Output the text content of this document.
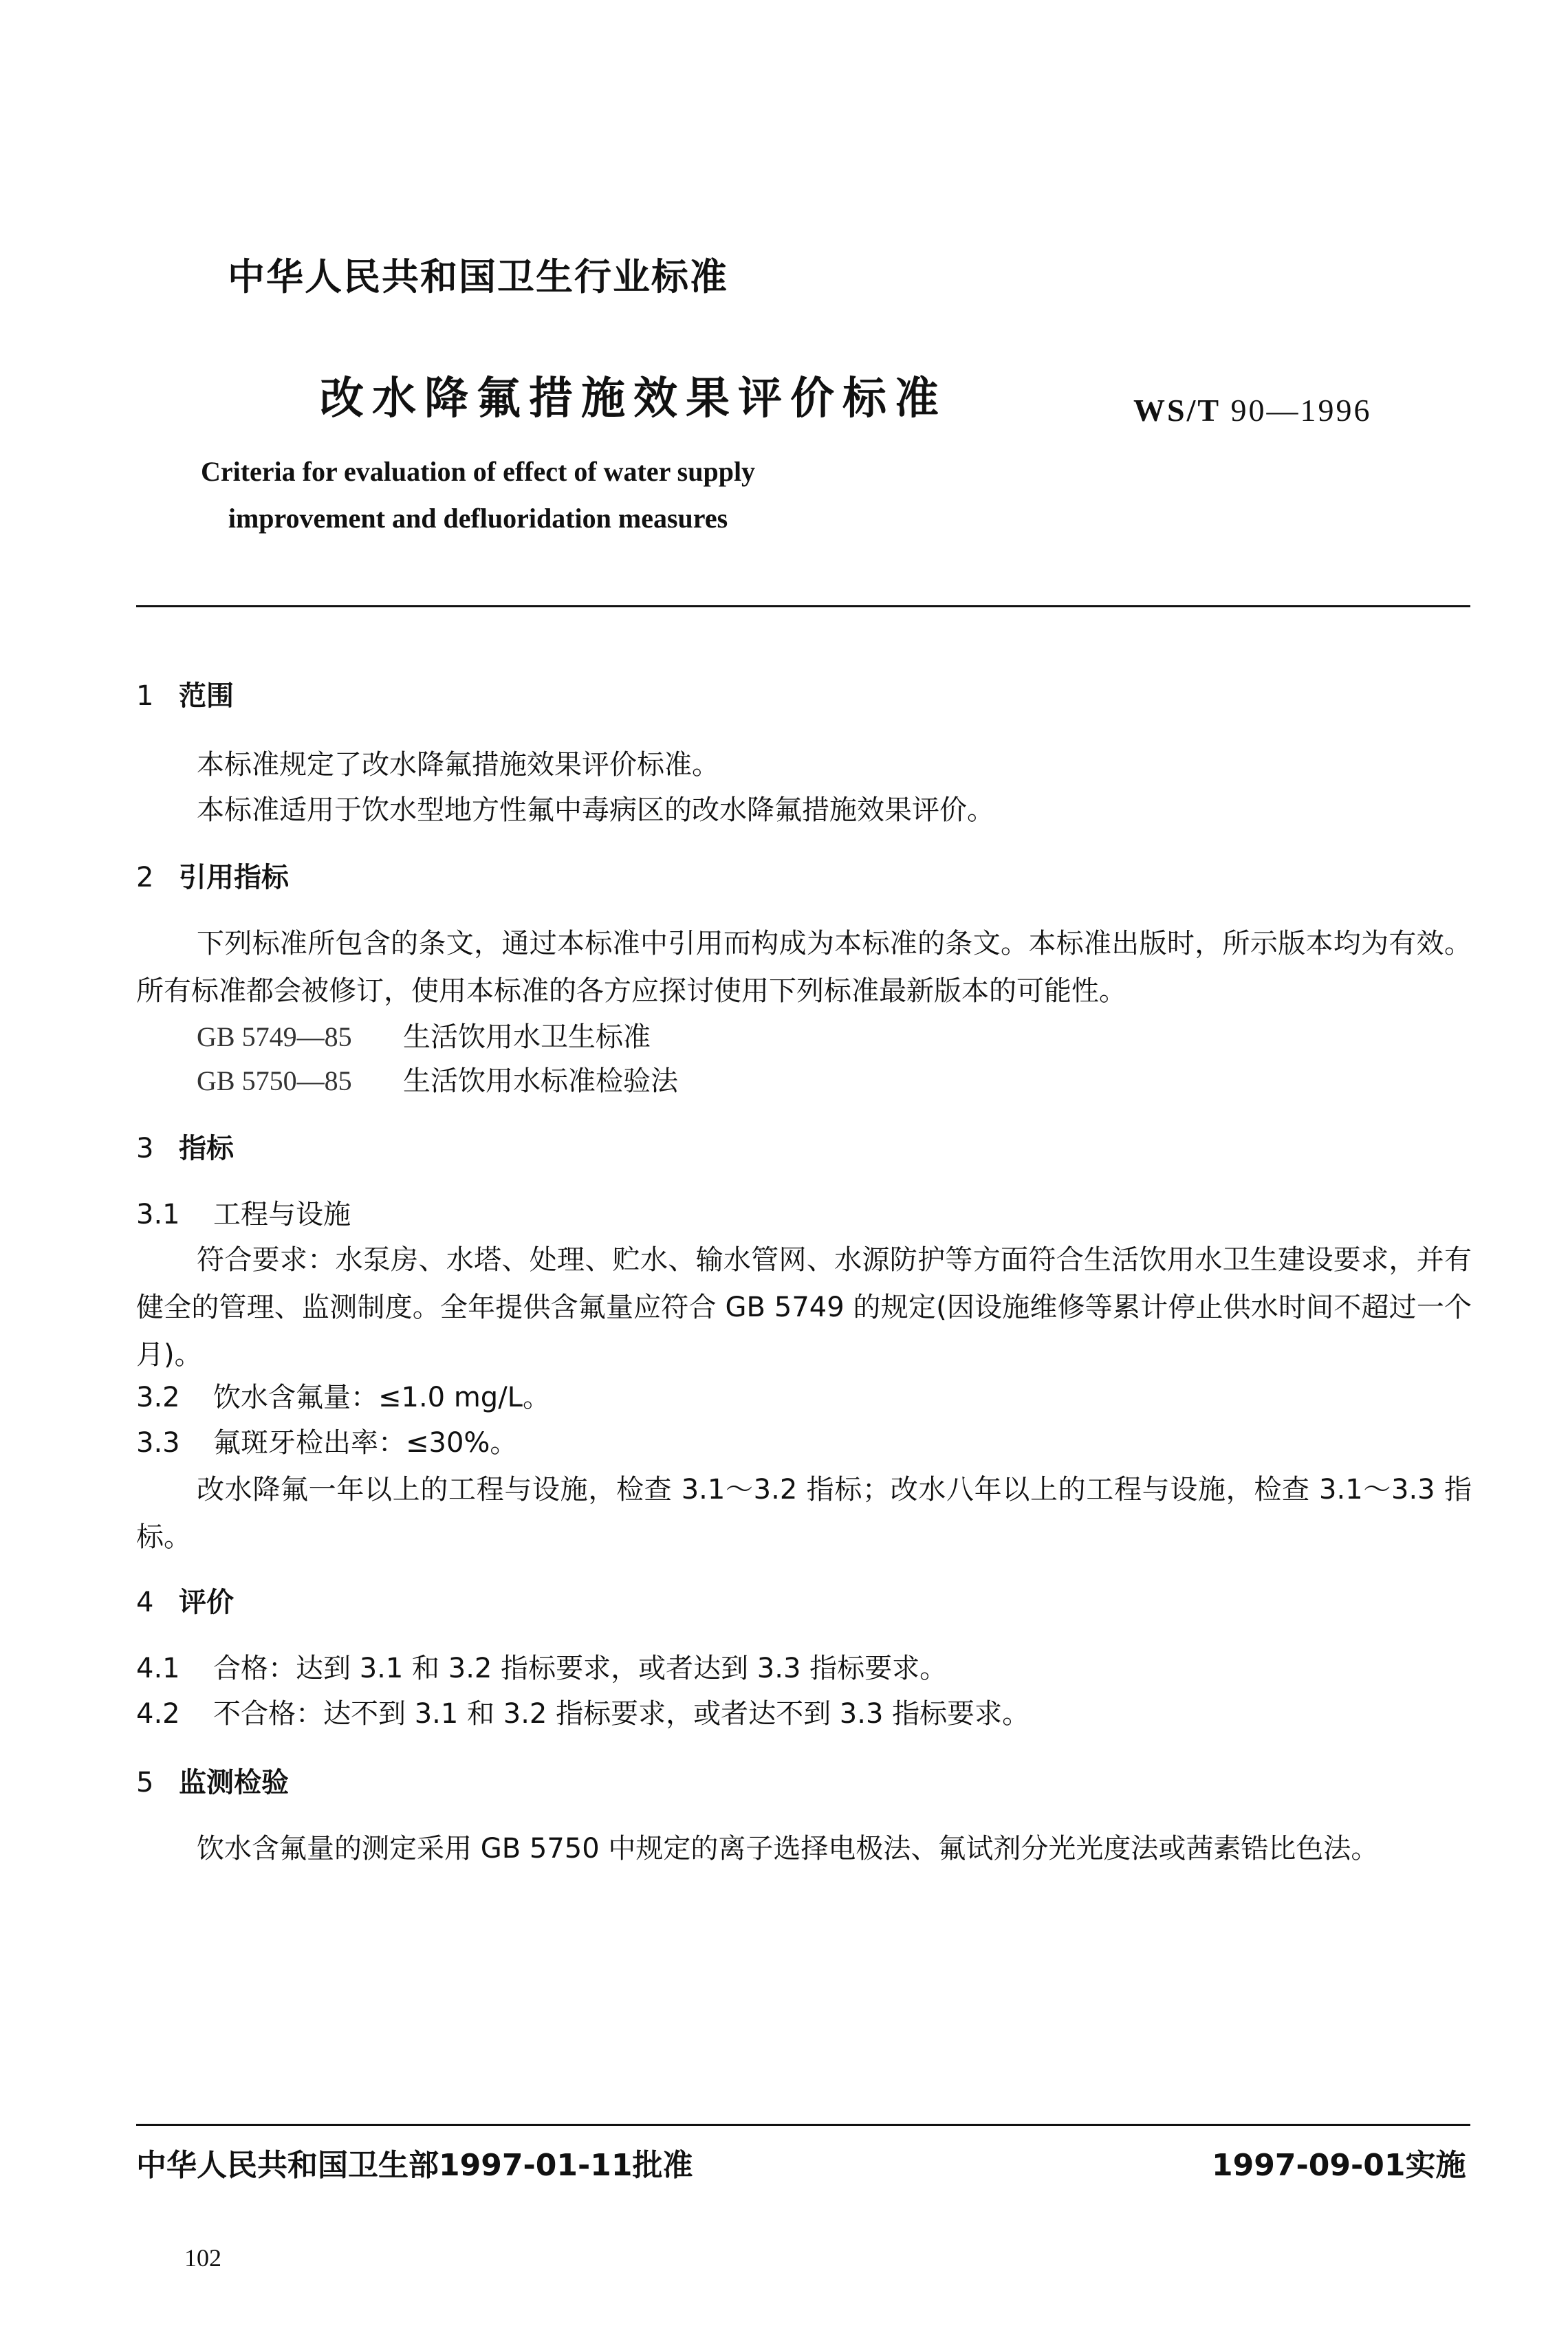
中华人民共和国卫生行业标准
改水降氟措施效果评价标准	WS/T 90—1996
Criteria for evaluation of effect of water supply
improvement and defluoridation measures
1 范围
本标准规定了改水降氟措施效果评价标准。
本标准适用于饮水型地方性氟中毒病区的改水降氟措施效果评价。
2 引用指标
下列标准所包含的条文，通过本标准中引用而构成为本标准的条文。本标准出版时，所示版本均为有效。所有标准都会被修订，使用本标准的各方应探讨使用下列标准最新版本的可能性。
GB 5749—85 生活饮用水卫生标准
GB 5750—85 生活饮用水标准检验法
3 指标
3.1 工程与设施
符合要求：水泵房、水塔、处理、贮水、输水管网、水源防护等方面符合生活饮用水卫生建设要求，并有健全的管理、监测制度。全年提供含氟量应符合 GB 5749 的规定(因设施维修等累计停止供水时间不超过一个月)。
3.2 饮水含氟量：≤1.0 mg/L。
3.3 氟斑牙检出率：≤30%。
改水降氟一年以上的工程与设施，检查 3.1～3.2 指标；改水八年以上的工程与设施，检查 3.1～3.3 指标。
4 评价
4.1 合格：达到 3.1 和 3.2 指标要求，或者达到 3.3 指标要求。
4.2 不合格：达不到 3.1 和 3.2 指标要求，或者达不到 3.3 指标要求。
5 监测检验
饮水含氟量的测定采用 GB 5750 中规定的离子选择电极法、氟试剂分光光度法或茜素锆比色法。
中华人民共和国卫生部1997-01-11批准	1997-09-01实施
102
